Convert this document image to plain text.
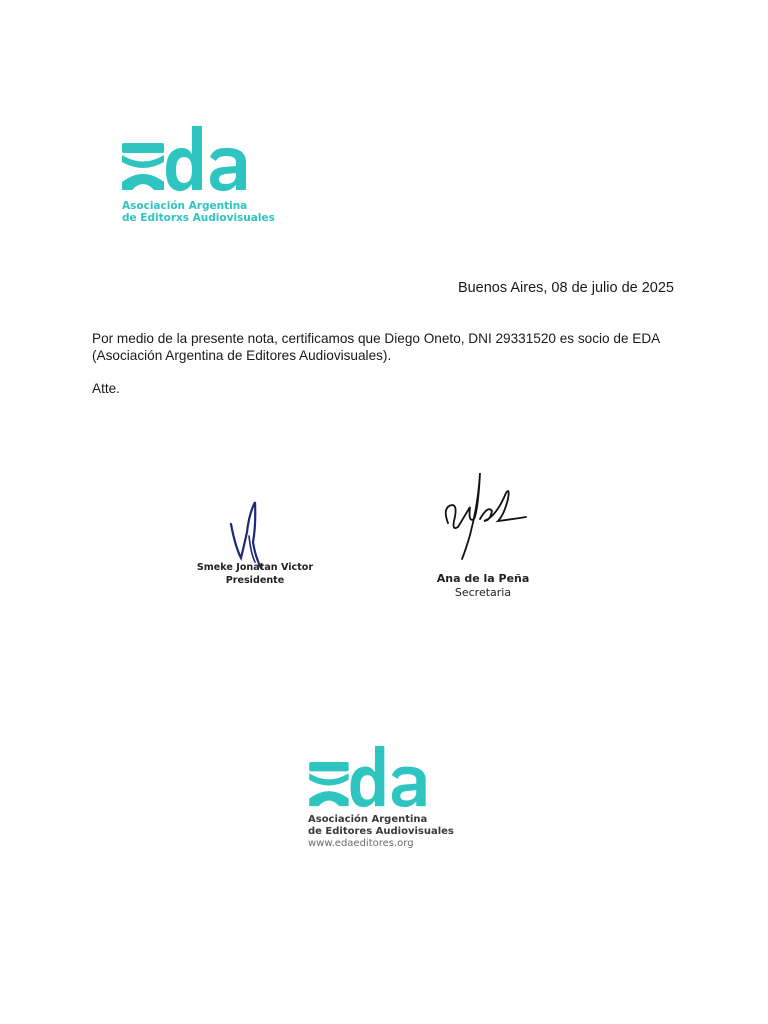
Asociación Argentina
de Editorxs Audiovisuales
Buenos Aires, 08 de julio de 2025
Por medio de la presente nota, certificamos que Diego Oneto, DNI 29331520 es socio de EDA (Asociación Argentina de Editores Audiovisuales).
Atte.
Smeke Jonatan Victor
Presidente	Ana de la Peña
Secretaria
Asociación Argentina
de Editores Audiovisuales
www.edaeditores.org
